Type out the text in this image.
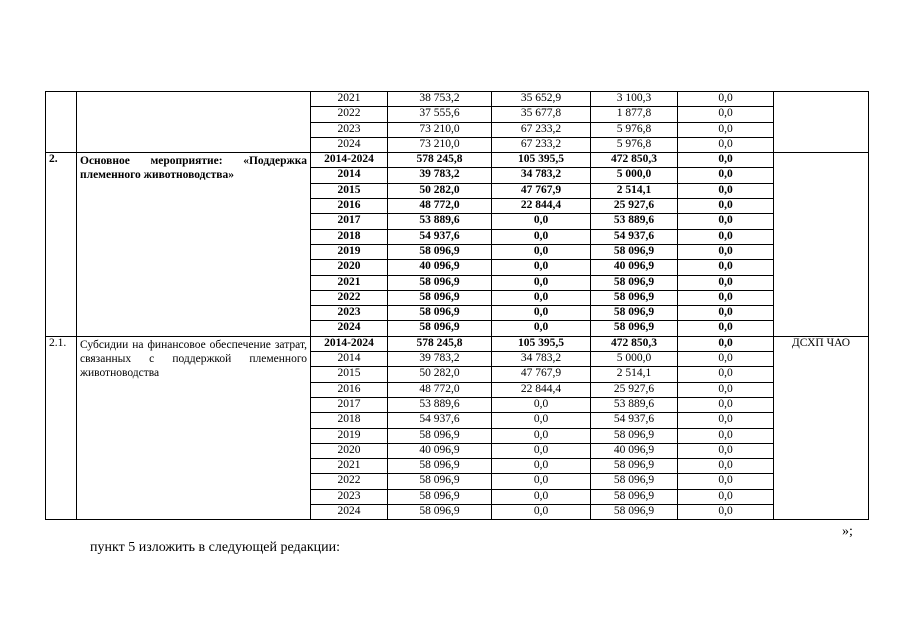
		2021	38 753,2	35 652,9	3 100,3	0,0	
		2022	37 555,6	35 677,8	1 877,8	0,0	
		2023	73 210,0	67 233,2	5 976,8	0,0	
		2024	73 210,0	67 233,2	5 976,8	0,0	
2.	Основное мероприятие: «Поддержка племенного животноводства»	2014-2024	578 245,8	105 395,5	472 850,3	0,0	
		2014	39 783,2	34 783,2	5 000,0	0,0	
		2015	50 282,0	47 767,9	2 514,1	0,0	
		2016	48 772,0	22 844,4	25 927,6	0,0	
		2017	53 889,6	0,0	53 889,6	0,0	
		2018	54 937,6	0,0	54 937,6	0,0	
		2019	58 096,9	0,0	58 096,9	0,0	
		2020	40 096,9	0,0	40 096,9	0,0	
		2021	58 096,9	0,0	58 096,9	0,0	
		2022	58 096,9	0,0	58 096,9	0,0	
		2023	58 096,9	0,0	58 096,9	0,0	
		2024	58 096,9	0,0	58 096,9	0,0	
2.1.	Субсидии на финансовое обеспечение затрат, связанных с поддержкой племенного животноводства	2014-2024	578 245,8	105 395,5	472 850,3	0,0	ДСХП ЧАО
		2014	39 783,2	34 783,2	5 000,0	0,0	
		2015	50 282,0	47 767,9	2 514,1	0,0	
		2016	48 772,0	22 844,4	25 927,6	0,0	
		2017	53 889,6	0,0	53 889,6	0,0	
		2018	54 937,6	0,0	54 937,6	0,0	
		2019	58 096,9	0,0	58 096,9	0,0	
		2020	40 096,9	0,0	40 096,9	0,0	
		2021	58 096,9	0,0	58 096,9	0,0	
		2022	58 096,9	0,0	58 096,9	0,0	
		2023	58 096,9	0,0	58 096,9	0,0	
		2024	58 096,9	0,0	58 096,9	0,0	
»;
пункт 5 изложить в следующей редакции:
